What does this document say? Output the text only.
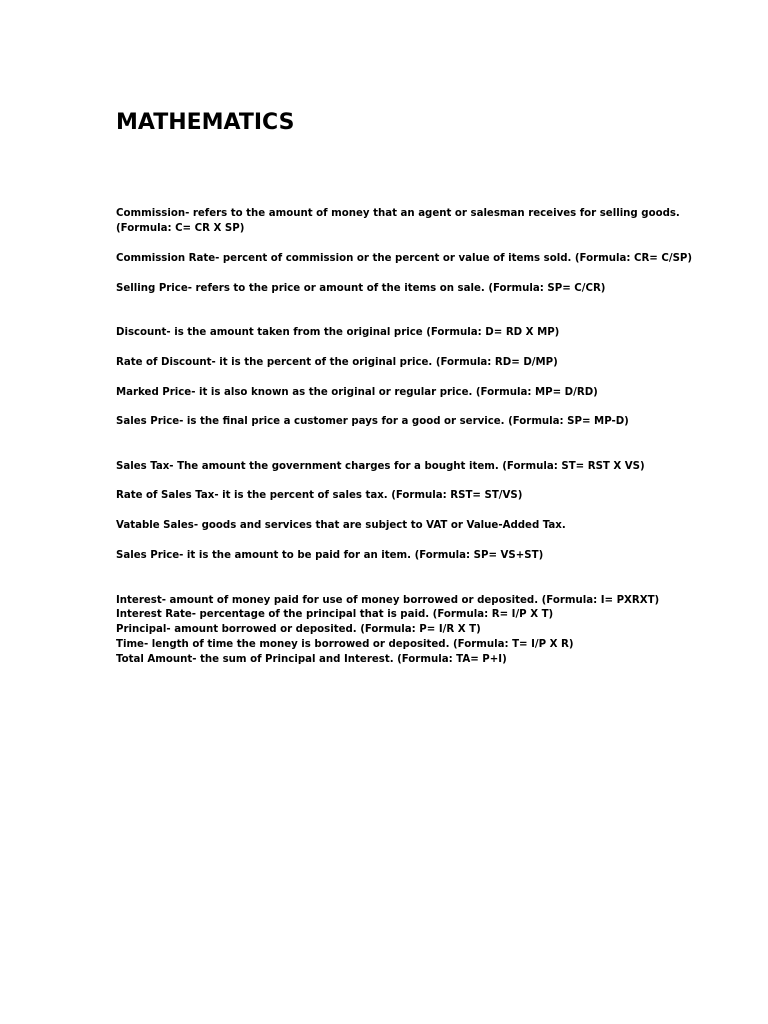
MATHEMATICS

Commission- refers to the amount of money that an agent or salesman receives for selling goods.

(Formula: C= CR X SP)

Commission Rate- percent of commission or the percent or value of items sold. (Formula: CR= C/SP)

Selling Price- refers to the price or amount of the items on sale. (Formula: SP= C/CR)

Discount- is the amount taken from the original price (Formula: D= RD X MP)

Rate of Discount- it is the percent of the original price. (Formula: RD= D/MP)

Marked Price- it is also known as the original or regular price. (Formula: MP= D/RD)

Sales Price- is the final price a customer pays for a good or service. (Formula: SP= MP-D)

Sales Tax- The amount the government charges for a bought item. (Formula: ST= RST X VS)

Rate of Sales Tax- it is the percent of sales tax. (Formula: RST= ST/VS)

Vatable Sales- goods and services that are subject to VAT or Value-Added Tax.

Sales Price- it is the amount to be paid for an item. (Formula: SP= VS+ST)

Interest- amount of money paid for use of money borrowed or deposited. (Formula: I= PXRXT)

Interest Rate- percentage of the principal that is paid. (Formula: R= I/P X T)

Principal- amount borrowed or deposited. (Formula: P= I/R X T)

Time- length of time the money is borrowed or deposited. (Formula: T= I/P X R)

Total Amount- the sum of Principal and Interest. (Formula: TA= P+I)
